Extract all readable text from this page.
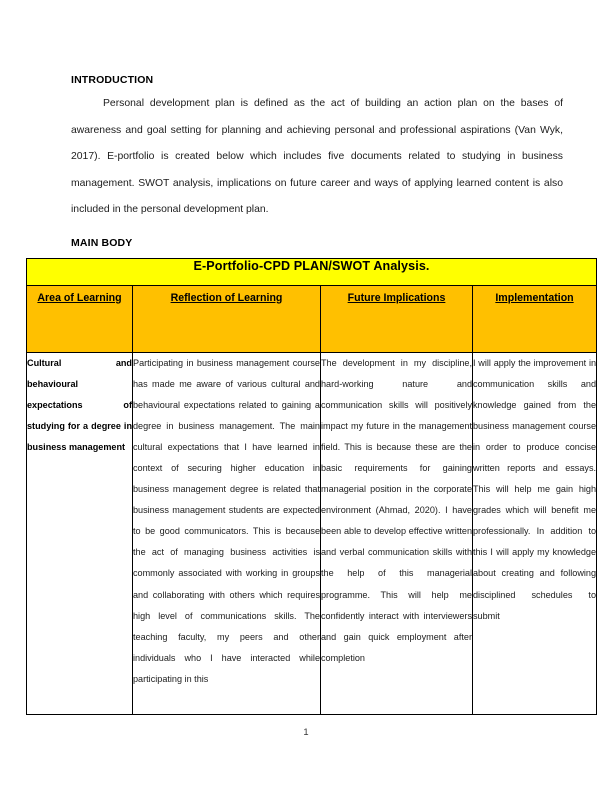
INTRODUCTION

Personal development plan is defined as the act of building an action plan on the bases of awareness and goal setting for planning and achieving personal and professional aspirations (Van Wyk, 2017). E-portfolio is created below which includes five documents related to studying in business management. SWOT analysis, implications on future career and ways of applying learned content is also included in the personal development plan.

MAIN BODY
E-Portfolio-CPD PLAN/SWOT Analysis.			
Area of Learning	Reflection of Learning	Future Implications	Implementation
Cultural and behavioural expectations of studying for a degree in business management	Participating in business management course has made me aware of various cultural and behavioural expectations related to gaining a degree in business management. The main cultural expectations that I have learned in context of securing higher education in business management degree is related that business management students are expected to be good communicators. This is because the act of managing business activities is commonly associated with working in groups and collaborating with others which requires high level of communications skills. The teaching faculty, my peers and other individuals who I have interacted while participating in this	The development in my discipline, hard-working nature and communication skills will positively impact my future in the management field. This is because these are the basic requirements for gaining managerial position in the corporate environment (Ahmad, 2020). I have been able to develop effective written and verbal communication skills with the help of this managerial programme. This will help me confidently interact with interviewers and gain quick employment after completion	I will apply the improvement in communication skills and knowledge gained from the business management course in order to produce concise written reports and essays. This will help me gain high grades which will benefit me professionally. In addition to this I will apply my knowledge about creating and following disciplined schedules to submit
1
